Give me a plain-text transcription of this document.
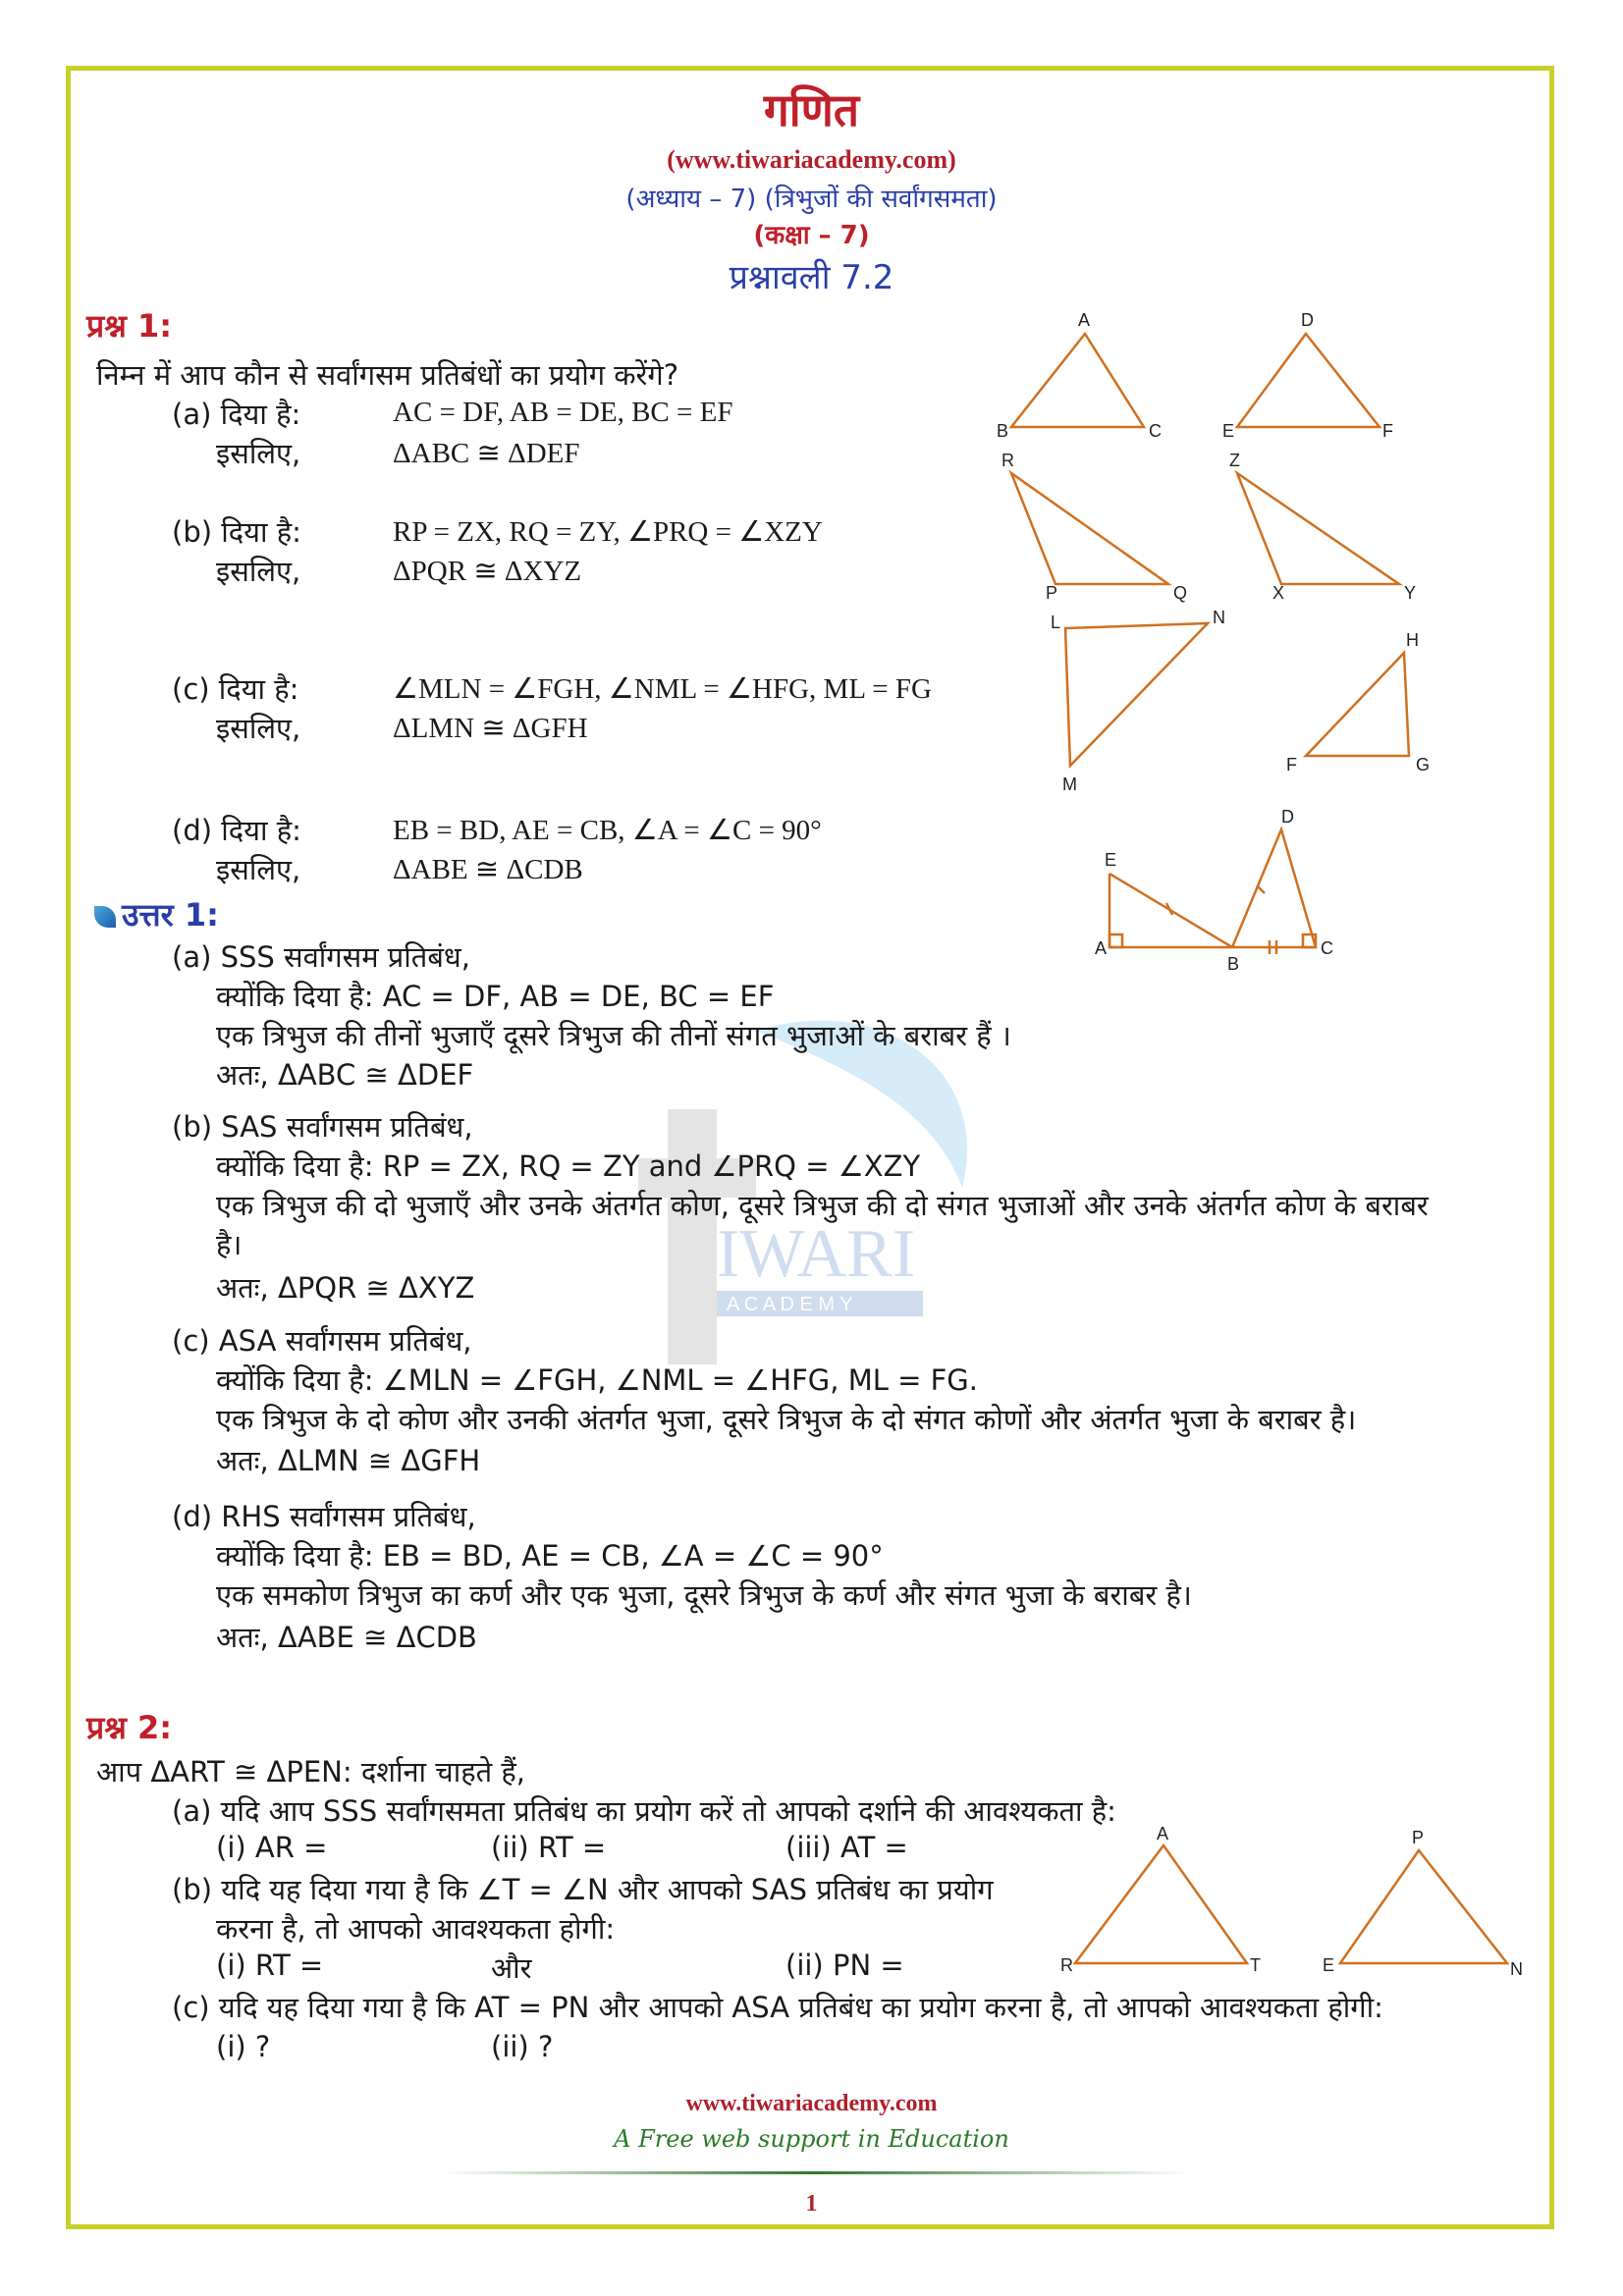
IWARI
A C A D E M Y
गणित
(www.tiwariacademy.com)
(अध्याय – 7) (त्रिभुजों की सर्वांगसमता)
(कक्षा – 7)
प्रश्नावली 7.2
प्रश्न 1:
निम्न में आप कौन से सर्वांगसम प्रतिबंधों का प्रयोग करेंगे?
(a) दिया है:	AC = DF, AB = DE, BC = EF
इसलिए,	ΔABC ≅ ΔDEF
(b) दिया है:	RP = ZX, RQ = ZY, ∠PRQ = ∠XZY
इसलिए,	ΔPQR ≅ ΔXYZ
(c) दिया है:	∠MLN = ∠FGH, ∠NML = ∠HFG, ML = FG
इसलिए,	ΔLMN ≅ ΔGFH
(d) दिया है:	EB = BD, AE = CB, ∠A = ∠C = 90°
इसलिए,	ΔABE ≅ ΔCDB
A
B	C
D
E	F
R
P	Q
Z
X	Y
L	N
M
H
F	G
E
A
B
C
D
उत्तर 1:
(a) SSS सर्वांगसम प्रतिबंध,
क्योंकि दिया है: AC = DF, AB = DE, BC = EF
एक त्रिभुज की तीनों भुजाएँ दूसरे त्रिभुज की तीनों संगत भुजाओं के बराबर हैं ।
अतः, ΔABC ≅ ΔDEF
(b) SAS सर्वांगसम प्रतिबंध,
क्योंकि दिया है: RP = ZX, RQ = ZY and ∠PRQ = ∠XZY
एक त्रिभुज की दो भुजाएँ और उनके अंतर्गत कोण, दूसरे त्रिभुज की दो संगत भुजाओं और उनके अंतर्गत कोण के बराबर
है।
अतः, ΔPQR ≅ ΔXYZ
(c) ASA सर्वांगसम प्रतिबंध,
क्योंकि दिया है: ∠MLN = ∠FGH, ∠NML = ∠HFG, ML = FG.
एक त्रिभुज के दो कोण और उनकी अंतर्गत भुजा, दूसरे त्रिभुज के दो संगत कोणों और अंतर्गत भुजा के बराबर है।
अतः, ΔLMN ≅ ΔGFH
(d) RHS सर्वांगसम प्रतिबंध,
क्योंकि दिया है: EB = BD, AE = CB, ∠A = ∠C = 90°
एक समकोण त्रिभुज का कर्ण और एक भुजा, दूसरे त्रिभुज के कर्ण और संगत भुजा के बराबर है।
अतः, ΔABE ≅ ΔCDB
प्रश्न 2:
आप ΔART ≅ ΔPEN: दर्शाना चाहते हैं,
(a) यदि आप SSS सर्वांगसमता प्रतिबंध का प्रयोग करें तो आपको दर्शाने की आवश्यकता है:
(i) AR =	(ii) RT =	(iii) AT =
(b) यदि यह दिया गया है कि ∠T = ∠N और आपको SAS प्रतिबंध का प्रयोग
करना है, तो आपको आवश्यकता होगी:
(i) RT =	और	(ii) PN =
(c) यदि यह दिया गया है कि AT = PN और आपको ASA प्रतिबंध का प्रयोग करना है, तो आपको आवश्यकता होगी:
(i) ?	(ii) ?
A
R	T
P
E	N
www.tiwariacademy.com
A Free web support in Education
1
